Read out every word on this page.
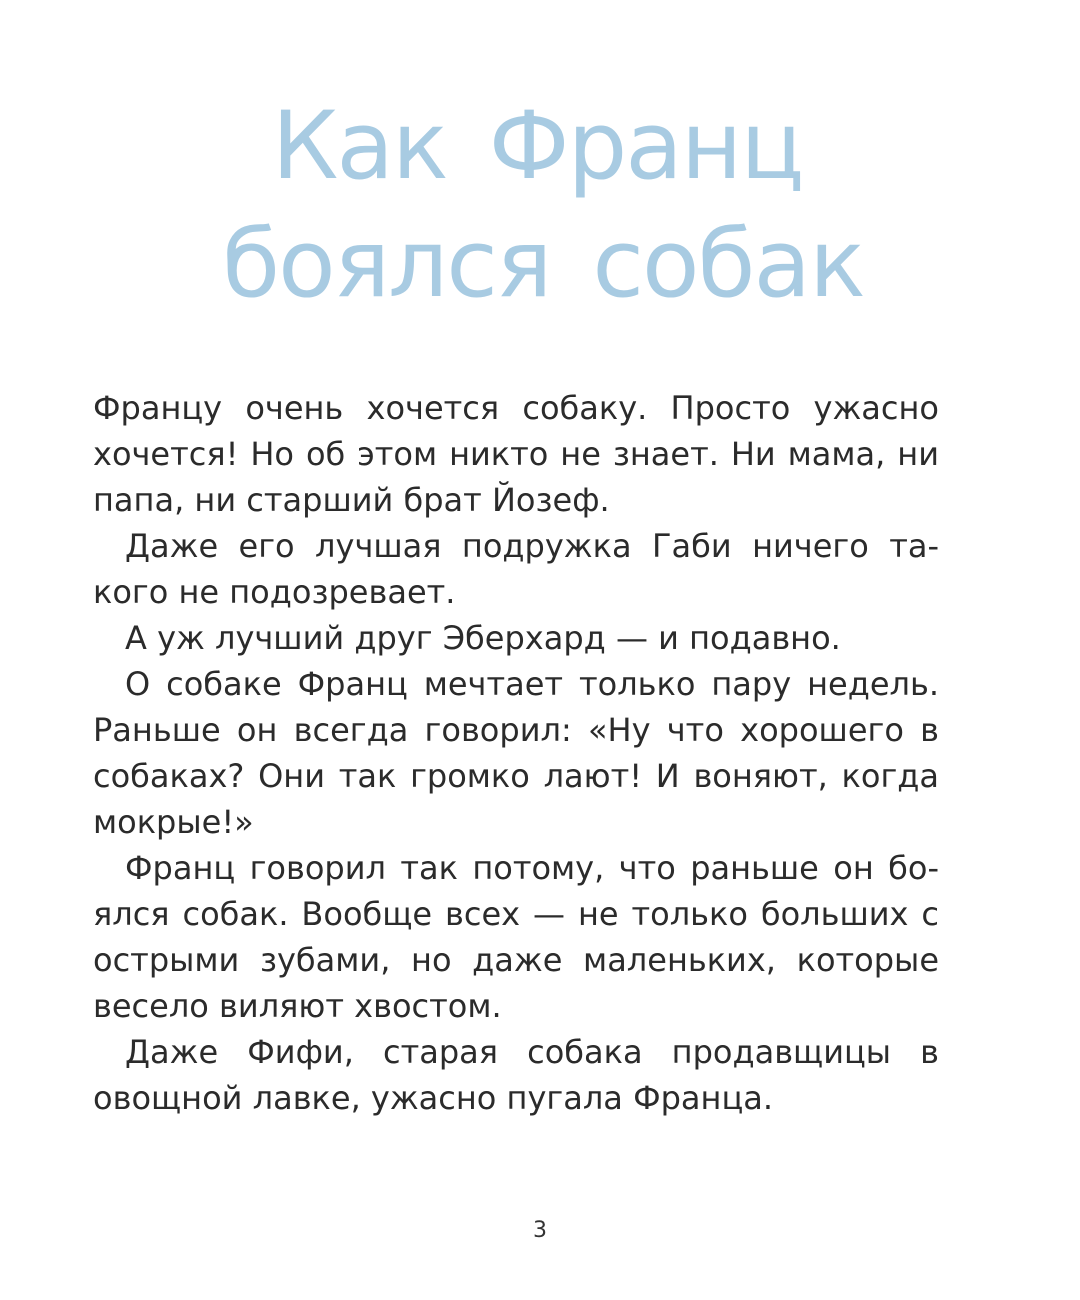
Как Франц
боялся собак

Францу очень хочется собаку. Просто ужасно хочется! Но об этом никто не знает. Ни мама, ни папа, ни старший брат Йозеф.

Даже его лучшая подружка Габи ничего такого не подозревает.

А уж лучший друг Эберхард — и подавно.

О собаке Франц мечтает только пару недель. Раньше он всегда говорил: «Ну что хорошего в собаках? Они так громко лают! И воняют, когда мокрые!»

Франц говорил так потому, что раньше он боялся собак. Вообще всех — не только больших с острыми зубами, но даже маленьких, которые весело виляют хвостом.

Даже Фифи, старая собака продавщицы в овощной лавке, ужасно пугала Франца.

3
